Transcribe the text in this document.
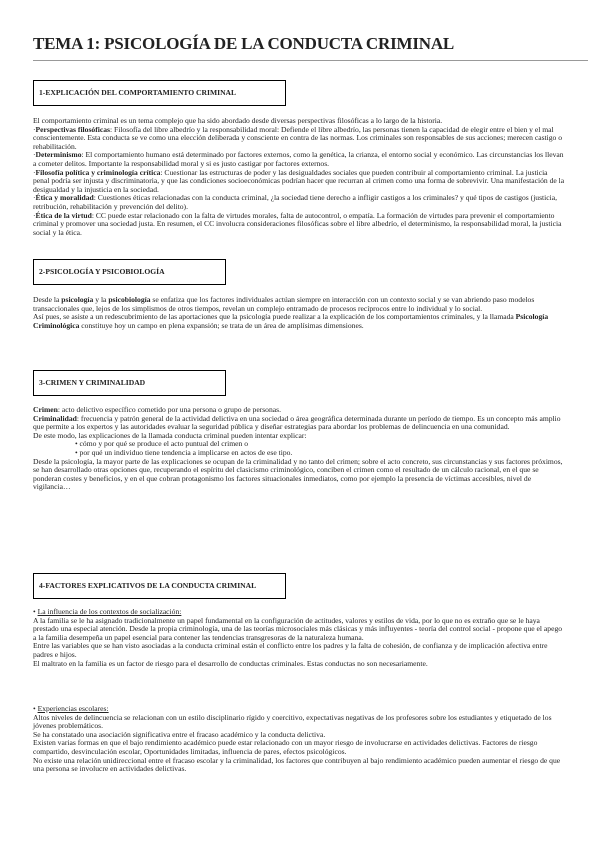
TEMA 1: PSICOLOGÍA DE LA CONDUCTA CRIMINAL
1-EXPLICACIÓN DEL COMPORTAMIENTO CRIMINAL

El comportamiento criminal es un tema complejo que ha sido abordado desde diversas perspectivas filosóficas a lo largo de la historia.
·Perspectivas filosóficas: Filosofía del libre albedrío y la responsabilidad moral: Defiende el libre albedrío, las personas tienen la capacidad de elegir entre el bien y el mal conscientemente. Esta conducta se ve como una elección deliberada y consciente en contra de las normas. Los criminales son responsables de sus acciones; merecen castigo o rehabilitación.
·Determinismo: El comportamiento humano está determinado por factores externos, como la genética, la crianza, el entorno social y económico. Las circunstancias los llevan a cometer delitos. Importante la responsabilidad moral y si es justo castigar por factores externos.
·Filosofía política y criminología crítica: Cuestionar las estructuras de poder y las desigualdades sociales que pueden contribuir al comportamiento criminal. La justicia penal podría ser injusta y discriminatoria, y que las condiciones socioeconómicas podrían hacer que recurran al crimen como una forma de sobrevivir. Una manifestación de la desigualdad y la injusticia en la sociedad.
·Ética y moralidad: Cuestiones éticas relacionadas con la conducta criminal, ¿la sociedad tiene derecho a infligir castigos a los criminales? y qué tipos de castigos (justicia, retribución, rehabilitación y prevención del delito).
·Ética de la virtud: CC puede estar relacionado con la falta de virtudes morales, falta de autocontrol, o empatía. La formación de virtudes para prevenir el comportamiento criminal y promover una sociedad justa. En resumen, el CC involucra consideraciones filosóficas sobre el libre albedrío, el determinismo, la responsabilidad moral, la justicia social y la ética.

2-PSICOLOGÍA Y PSICOBIOLOGÍA

Desde la psicología y la psicobiología se enfatiza que los factores individuales actúan siempre en interacción con un contexto social y se van abriendo paso modelos transaccionales que, lejos de los simplismos de otros tiempos, revelan un complejo entramado de procesos recíprocos entre lo individual y lo social.
Así pues, se asiste a un redescubrimiento de las aportaciones que la psicología puede realizar a la explicación de los comportamientos criminales, y la llamada Psicología Criminológica constituye hoy un campo en plena expansión; se trata de un área de amplísimas dimensiones.

3-CRIMEN Y CRIMINALIDAD

Crimen: acto delictivo específico cometido por una persona o grupo de personas.
Criminalidad: frecuencia y patrón general de la actividad delictiva en una sociedad o área geográfica determinada durante un período de tiempo. Es un concepto más amplio que permite a los expertos y las autoridades evaluar la seguridad pública y diseñar estrategias para abordar los problemas de delincuencia en una comunidad.
De este modo, las explicaciones de la llamada conducta criminal pueden intentar explicar:
• cómo y por qué se produce el acto puntual del crimen o
• por qué un individuo tiene tendencia a implicarse en actos de ese tipo.
Desde la psicología, la mayor parte de las explicaciones se ocupan de la criminalidad y no tanto del crimen; sobre el acto concreto, sus circunstancias y sus factores próximos, se han desarrollado otras opciones que, recuperando el espíritu del clasicismo criminológico, conciben el crimen como el resultado de un cálculo racional, en el que se ponderan costes y beneficios, y en el que cobran protagonismo los factores situacionales inmediatos, como por ejemplo la presencia de víctimas accesibles, nivel de vigilancia…

4-FACTORES EXPLICATIVOS DE LA CONDUCTA CRIMINAL

• La influencia de los contextos de socialización:
A la familia se le ha asignado tradicionalmente un papel fundamental en la configuración de actitudes, valores y estilos de vida, por lo que no es extraño que se le haya prestado una especial atención. Desde la propia criminología, una de las teorías microsociales más clásicas y más influyentes - teoría del control social - propone que el apego a la familia desempeña un papel esencial para contener las tendencias transgresoras de la naturaleza humana.
Entre las variables que se han visto asociadas a la conducta criminal están el conflicto entre los padres y la falta de cohesión, de confianza y de implicación afectiva entre padres e hijos.
El maltrato en la familia es un factor de riesgo para el desarrollo de conductas criminales. Estas conductas no son necesariamente.

• Experiencias escolares:
Altos niveles de delincuencia se relacionan con un estilo disciplinario rígido y coercitivo, expectativas negativas de los profesores sobre los estudiantes y etiquetado de los jóvenes problemáticos.
Se ha constatado una asociación significativa entre el fracaso académico y la conducta delictiva.
Existen varias formas en que el bajo rendimiento académico puede estar relacionado con un mayor riesgo de involucrarse en actividades delictivas. Factores de riesgo compartido, desvinculación escolar, Oportunidades limitadas, influencia de pares, efectos psicológicos.
No existe una relación unidireccional entre el fracaso escolar y la criminalidad, los factores que contribuyen al bajo rendimiento académico pueden aumentar el riesgo de que una persona se involucre en actividades delictivas.
